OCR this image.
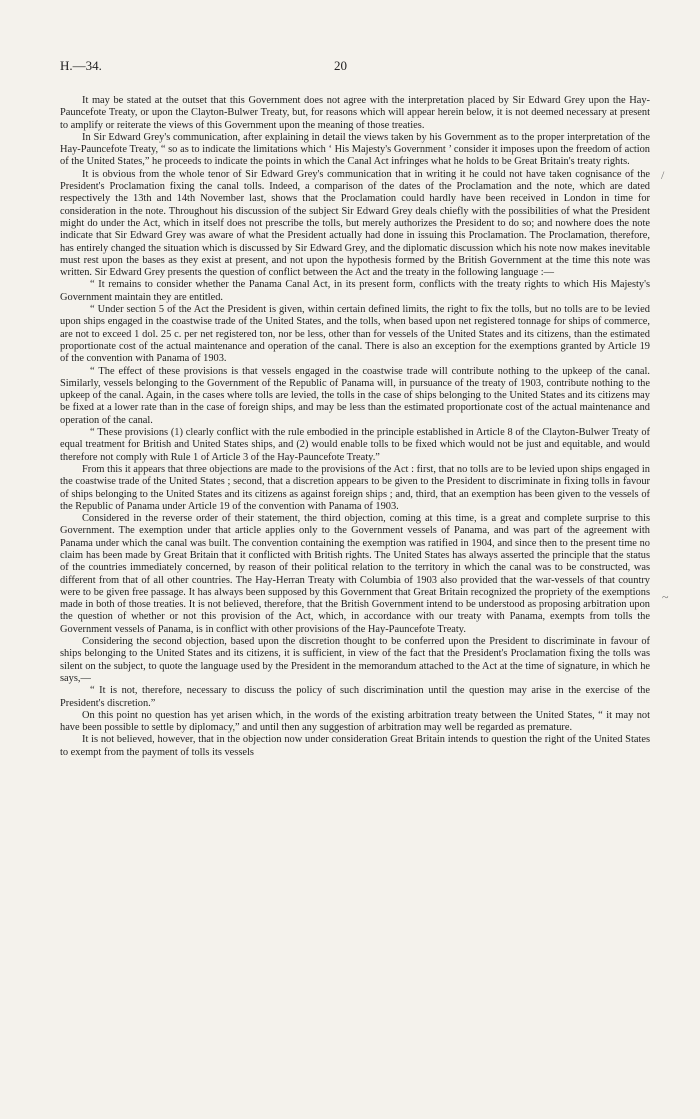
H.—34.	20

It may be stated at the outset that this Government does not agree with the interpretation placed by Sir Edward Grey upon the Hay-Pauncefote Treaty, or upon the Clayton-Bulwer Treaty, but, for reasons which will appear herein below, it is not deemed necessary at present to amplify or reiterate the views of this Government upon the meaning of those treaties.

In Sir Edward Grey's communication, after explaining in detail the views taken by his Government as to the proper interpretation of the Hay-Pauncefote Treaty, “ so as to indicate the limitations which ‘ His Majesty's Government ’ consider it imposes upon the freedom of action of the United States,” he proceeds to indicate the points in which the Canal Act infringes what he holds to be Great Britain's treaty rights.

It is obvious from the whole tenor of Sir Edward Grey's communication that in writing it he could not have taken cognisance of the President's Proclamation fixing the canal tolls. Indeed, a comparison of the dates of the Proclamation and the note, which are dated respectively the 13th and 14th November last, shows that the Proclamation could hardly have been received in London in time for consideration in the note. Throughout his discussion of the subject Sir Edward Grey deals chiefly with the possibilities of what the President might do under the Act, which in itself does not prescribe the tolls, but merely authorizes the President to do so; and nowhere does the note indicate that Sir Edward Grey was aware of what the President actually had done in issuing this Proclamation. The Proclamation, therefore, has entirely changed the situation which is discussed by Sir Edward Grey, and the diplomatic discussion which his note now makes inevitable must rest upon the bases as they exist at present, and not upon the hypothesis formed by the British Government at the time this note was written. Sir Edward Grey presents the question of conflict between the Act and the treaty in the following language :—

“ It remains to consider whether the Panama Canal Act, in its present form, conflicts with the treaty rights to which His Majesty's Government maintain they are entitled.

“ Under section 5 of the Act the President is given, within certain defined limits, the right to fix the tolls, but no tolls are to be levied upon ships engaged in the coastwise trade of the United States, and the tolls, when based upon net registered tonnage for ships of commerce, are not to exceed 1 dol. 25 c. per net registered ton, nor be less, other than for vessels of the United States and its citizens, than the estimated proportionate cost of the actual maintenance and operation of the canal. There is also an exception for the exemptions granted by Article 19 of the convention with Panama of 1903.

“ The effect of these provisions is that vessels engaged in the coastwise trade will contribute nothing to the upkeep of the canal. Similarly, vessels belonging to the Government of the Republic of Panama will, in pursuance of the treaty of 1903, contribute nothing to the upkeep of the canal. Again, in the cases where tolls are levied, the tolls in the case of ships belonging to the United States and its citizens may be fixed at a lower rate than in the case of foreign ships, and may be less than the estimated proportionate cost of the actual maintenance and operation of the canal.

“ These provisions (1) clearly conflict with the rule embodied in the principle established in Article 8 of the Clayton-Bulwer Treaty of equal treatment for British and United States ships, and (2) would enable tolls to be fixed which would not be just and equitable, and would therefore not comply with Rule 1 of Article 3 of the Hay-Pauncefote Treaty.”

From this it appears that three objections are made to the provisions of the Act : first, that no tolls are to be levied upon ships engaged in the coastwise trade of the United States ; second, that a discretion appears to be given to the President to discriminate in fixing tolls in favour of ships belonging to the United States and its citizens as against foreign ships ; and, third, that an exemption has been given to the vessels of the Republic of Panama under Article 19 of the convention with Panama of 1903.

Considered in the reverse order of their statement, the third objection, coming at this time, is a great and complete surprise to this Government. The exemption under that article applies only to the Government vessels of Panama, and was part of the agreement with Panama under which the canal was built. The convention containing the exemption was ratified in 1904, and since then to the present time no claim has been made by Great Britain that it conflicted with British rights. The United States has always asserted the principle that the status of the countries immediately concerned, by reason of their political relation to the territory in which the canal was to be constructed, was different from that of all other countries. The Hay-Herran Treaty with Columbia of 1903 also provided that the war-vessels of that country were to be given free passage. It has always been supposed by this Government that Great Britain recognized the propriety of the exemptions made in both of those treaties. It is not believed, therefore, that the British Government intend to be understood as proposing arbitration upon the question of whether or not this provision of the Act, which, in accordance with our treaty with Panama, exempts from tolls the Government vessels of Panama, is in conflict with other provisions of the Hay-Pauncefote Treaty.

Considering the second objection, based upon the discretion thought to be conferred upon the President to discriminate in favour of ships belonging to the United States and its citizens, it is sufficient, in view of the fact that the President's Proclamation fixing the tolls was silent on the subject, to quote the language used by the President in the memorandum attached to the Act at the time of signature, in which he says,—

“ It is not, therefore, necessary to discuss the policy of such discrimination until the question may arise in the exercise of the President's discretion.”

On this point no question has yet arisen which, in the words of the existing arbitration treaty between the United States, “ it may not have been possible to settle by diplomacy,” and until then any suggestion of arbitration may well be regarded as premature.

It is not believed, however, that in the objection now under consideration Great Britain intends to question the right of the United States to exempt from the payment of tolls its vessels

/
~
